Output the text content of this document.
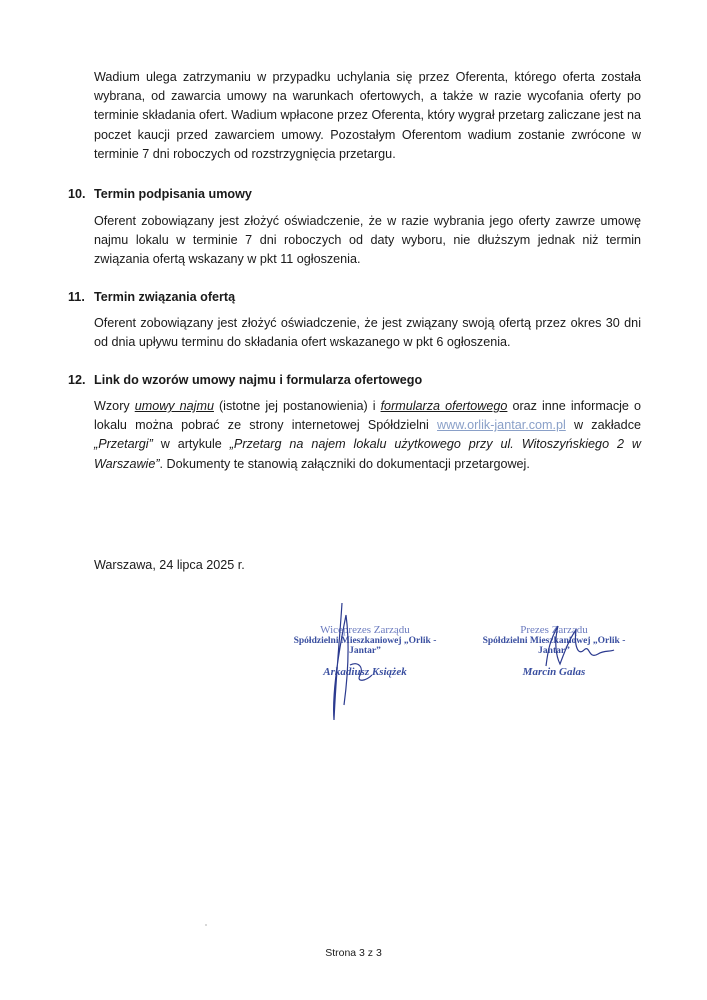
Wadium ulega zatrzymaniu w przypadku uchylania się przez Oferenta, którego oferta została wybrana, od zawarcia umowy na warunkach ofertowych, a także w razie wycofania oferty po terminie składania ofert. Wadium wpłacone przez Oferenta, który wygrał przetarg zaliczane jest na poczet kaucji przed zawarciem umowy. Pozostałym Oferentom wadium zostanie zwrócone w terminie 7 dni roboczych od rozstrzygnięcia przetargu.
10. Termin podpisania umowy
Oferent zobowiązany jest złożyć oświadczenie, że w razie wybrania jego oferty zawrze umowę najmu lokalu w terminie 7 dni roboczych od daty wyboru, nie dłuższym jednak niż termin związania ofertą wskazany w pkt 11 ogłoszenia.
11. Termin związania ofertą
Oferent zobowiązany jest złożyć oświadczenie, że jest związany swoją ofertą przez okres 30 dni od dnia upływu terminu do składania ofert wskazanego w pkt 6 ogłoszenia.
12. Link do wzorów umowy najmu i formularza ofertowego
Wzory umowy najmu (istotne jej postanowienia) i formularza ofertowego oraz inne informacje o lokalu można pobrać ze strony internetowej Spółdzielni www.orlik-jantar.com.pl w zakładce „Przetargi” w artykule „Przetarg na najem lokalu użytkowego przy ul. Witoszyńskiego 2 w Warszawie”. Dokumenty te stanowią załączniki do dokumentacji przetargowej.
Warszawa, 24 lipca 2025 r.
Wiceprezes Zarządu
Spółdzielni Mieszkaniowej „Orlik - Jantar”
Arkadiusz Książek
Prezes Zarządu
Spółdzielni Mieszkaniowej „Orlik - Jantar”
Marcin Galas
Strona 3 z 3
